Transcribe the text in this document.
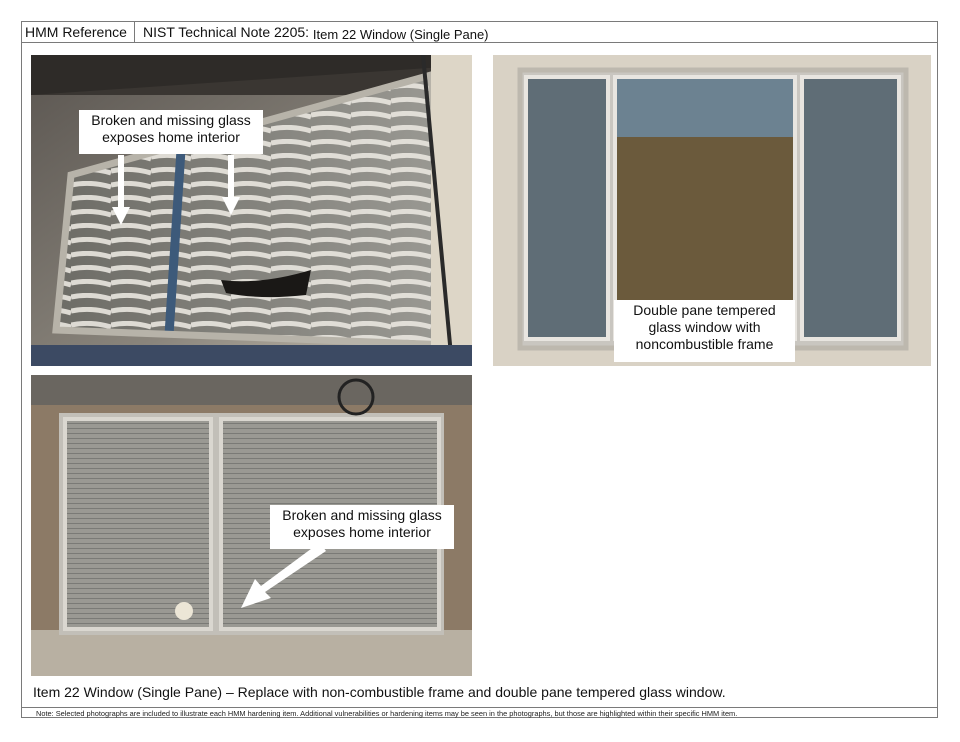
HMM Reference	NIST Technical Note 2205: Item 22 Window (Single Pane)
Broken and missing glass
exposes home interior
Double pane tempered
glass window with
noncombustible frame
Broken and missing glass
exposes home interior
Item 22 Window (Single Pane) – Replace with non-combustible frame and double pane tempered glass window.
Note: Selected photographs are included to illustrate each HMM hardening item. Additional vulnerabilities or hardening items may be seen in the photographs, but those are highlighted within their specific HMM item.
